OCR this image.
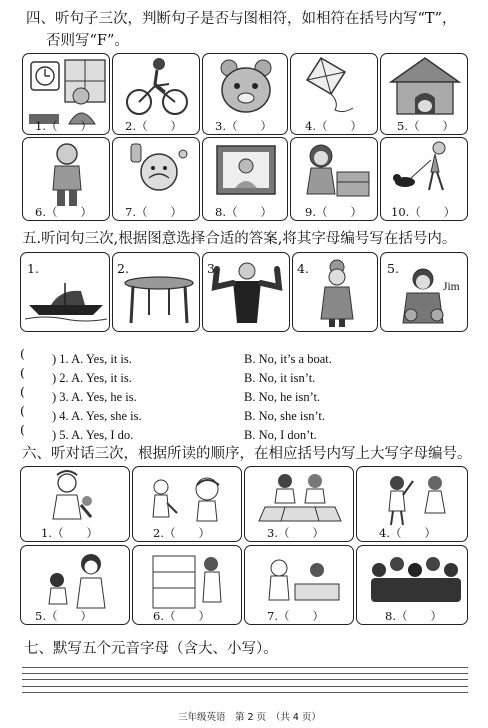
四、听句子三次，判断句子是否与图相符，如相符在括号内写“T”，
否则写“F”。
1.（　　）	2.（　　）	3.（　　）	4.（　　）	5.（　　）
6.（　　）	7.（　　）	8.（　　）	9.（　　）	10.（　　）
五.听问句三次,根据图意选择合适的答案,将其字母编号写在括号内。
1.	2.	3.	4.	5.
Jim
(
(
(
(
(
) 1. A. Yes, it is.	B. No, it’s a boat.
) 2. A. Yes, it is.	B. No, it isn’t.
) 3. A. Yes, he is.	B. No, he isn’t.
) 4. A. Yes, she is.	B. No, she isn’t.
) 5. A. Yes, I do.	B. No, I don’t.
六、听对话三次，根据所读的顺序，在相应括号内写上大写字母编号。
1.（　　）	2.（　　）	3.（　　）	4.（　　）
5.（　　）	6.（　　）	7.（　　）	8.（　　）
七、默写五个元音字母（含大、小写）。
三年级英语　第 2 页　（共 4 页）
